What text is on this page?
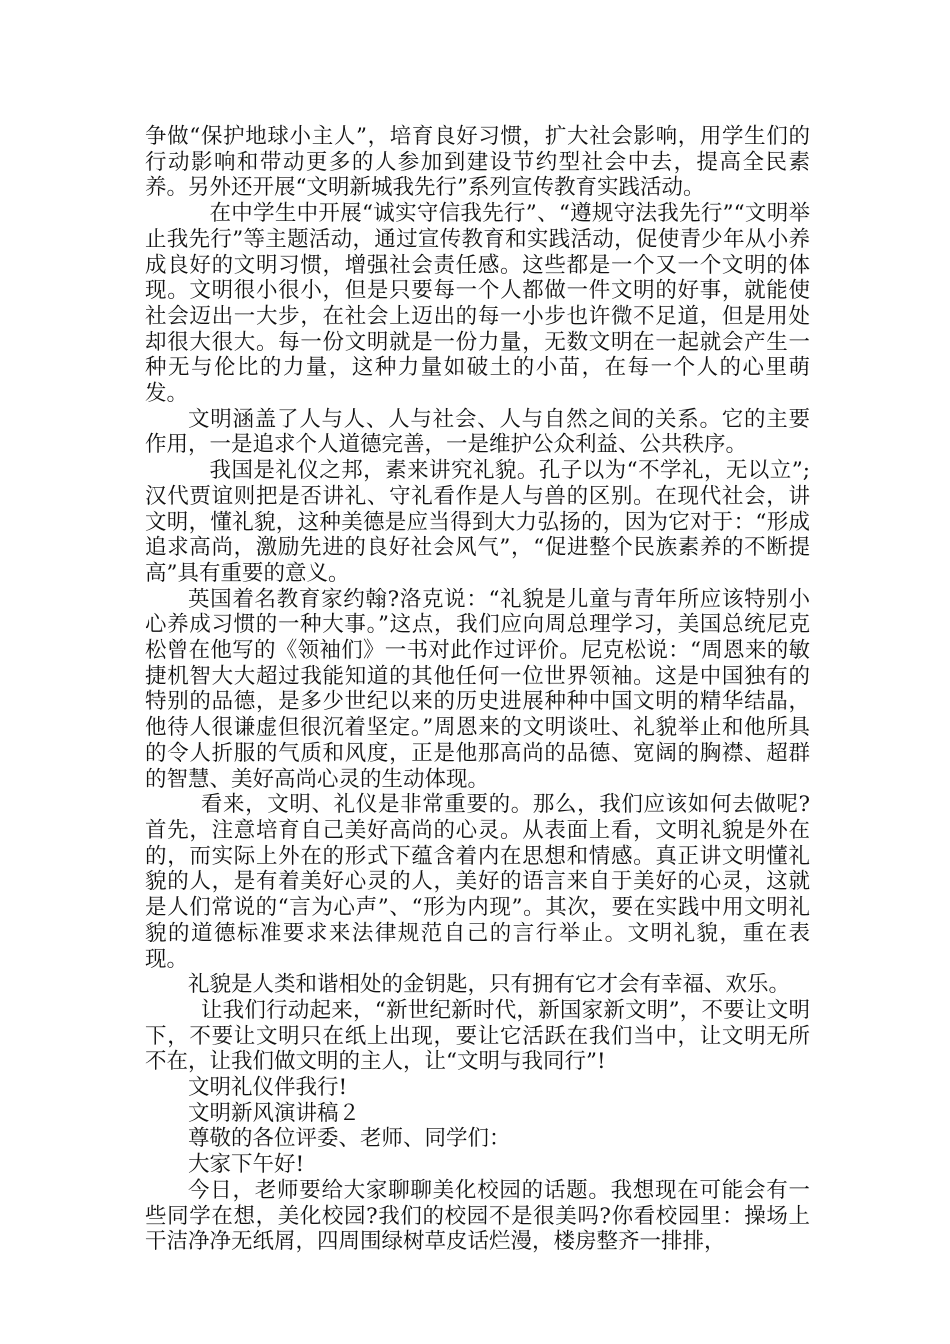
争做“保护地球小主人”，培育良好习惯，扩大社会影响，用学生们的行动影响和带动更多的人参加到建设节约型社会中去，提高全民素养。另外还开展“文明新城我先行”系列宣传教育实践活动。

在中学生中开展“诚实守信我先行”、“遵规守法我先行”“文明举止我先行”等主题活动，通过宣传教育和实践活动，促使青少年从小养成良好的文明习惯，增强社会责任感。这些都是一个又一个文明的体现。文明很小很小，但是只要每一个人都做一件文明的好事，就能使社会迈出一大步，在社会上迈出的每一小步也许微不足道，但是用处却很大很大。每一份文明就是一份力量，无数文明在一起就会产生一种无与伦比的力量，这种力量如破土的小苗，在每一个人的心里萌发。

文明涵盖了人与人、人与社会、人与自然之间的关系。它的主要作用，一是追求个人道德完善，一是维护公众利益、公共秩序。

我国是礼仪之邦，素来讲究礼貌。孔子以为“不学礼，无以立”;汉代贾谊则把是否讲礼、守礼看作是人与兽的区别。在现代社会，讲文明，懂礼貌，这种美德是应当得到大力弘扬的，因为它对于：“形成追求高尚，激励先进的良好社会风气”，“促进整个民族素养的不断提高”具有重要的意义。

英国着名教育家约翰?洛克说：“礼貌是儿童与青年所应该特别小心养成习惯的一种大事。”这点，我们应向周总理学习，美国总统尼克松曾在他写的《领袖们》一书对此作过评价。尼克松说：“周恩来的敏捷机智大大超过我能知道的其他任何一位世界领袖。这是中国独有的特别的品德，是多少世纪以来的历史进展种种中国文明的精华结晶，他待人很谦虚但很沉着坚定。”周恩来的文明谈吐、礼貌举止和他所具的令人折服的气质和风度，正是他那高尚的品德、宽阔的胸襟、超群的智慧、美好高尚心灵的生动体现。

看来，文明、礼仪是非常重要的。那么，我们应该如何去做呢?首先，注意培育自己美好高尚的心灵。从表面上看，文明礼貌是外在的，而实际上外在的形式下蕴含着内在思想和情感。真正讲文明懂礼貌的人，是有着美好心灵的人，美好的语言来自于美好的心灵，这就是人们常说的“言为心声”、“形为内现”。其次，要在实践中用文明礼貌的道德标准要求来法律规范自己的言行举止。文明礼貌，重在表现。

礼貌是人类和谐相处的金钥匙，只有拥有它才会有幸福、欢乐。

让我们行动起来，“新世纪新时代，新国家新文明”，不要让文明下，不要让文明只在纸上出现，要让它活跃在我们当中，让文明无所不在，让我们做文明的主人，让“文明与我同行”!

文明礼仪伴我行!

文明新风演讲稿２

尊敬的各位评委、老师、同学们：

大家下午好!

今日，老师要给大家聊聊美化校园的话题。我想现在可能会有一些同学在想，美化校园?我们的校园不是很美吗?你看校园里：操场上干洁净净无纸屑，四周围绿树草皮话烂漫，楼房整齐一排排，
